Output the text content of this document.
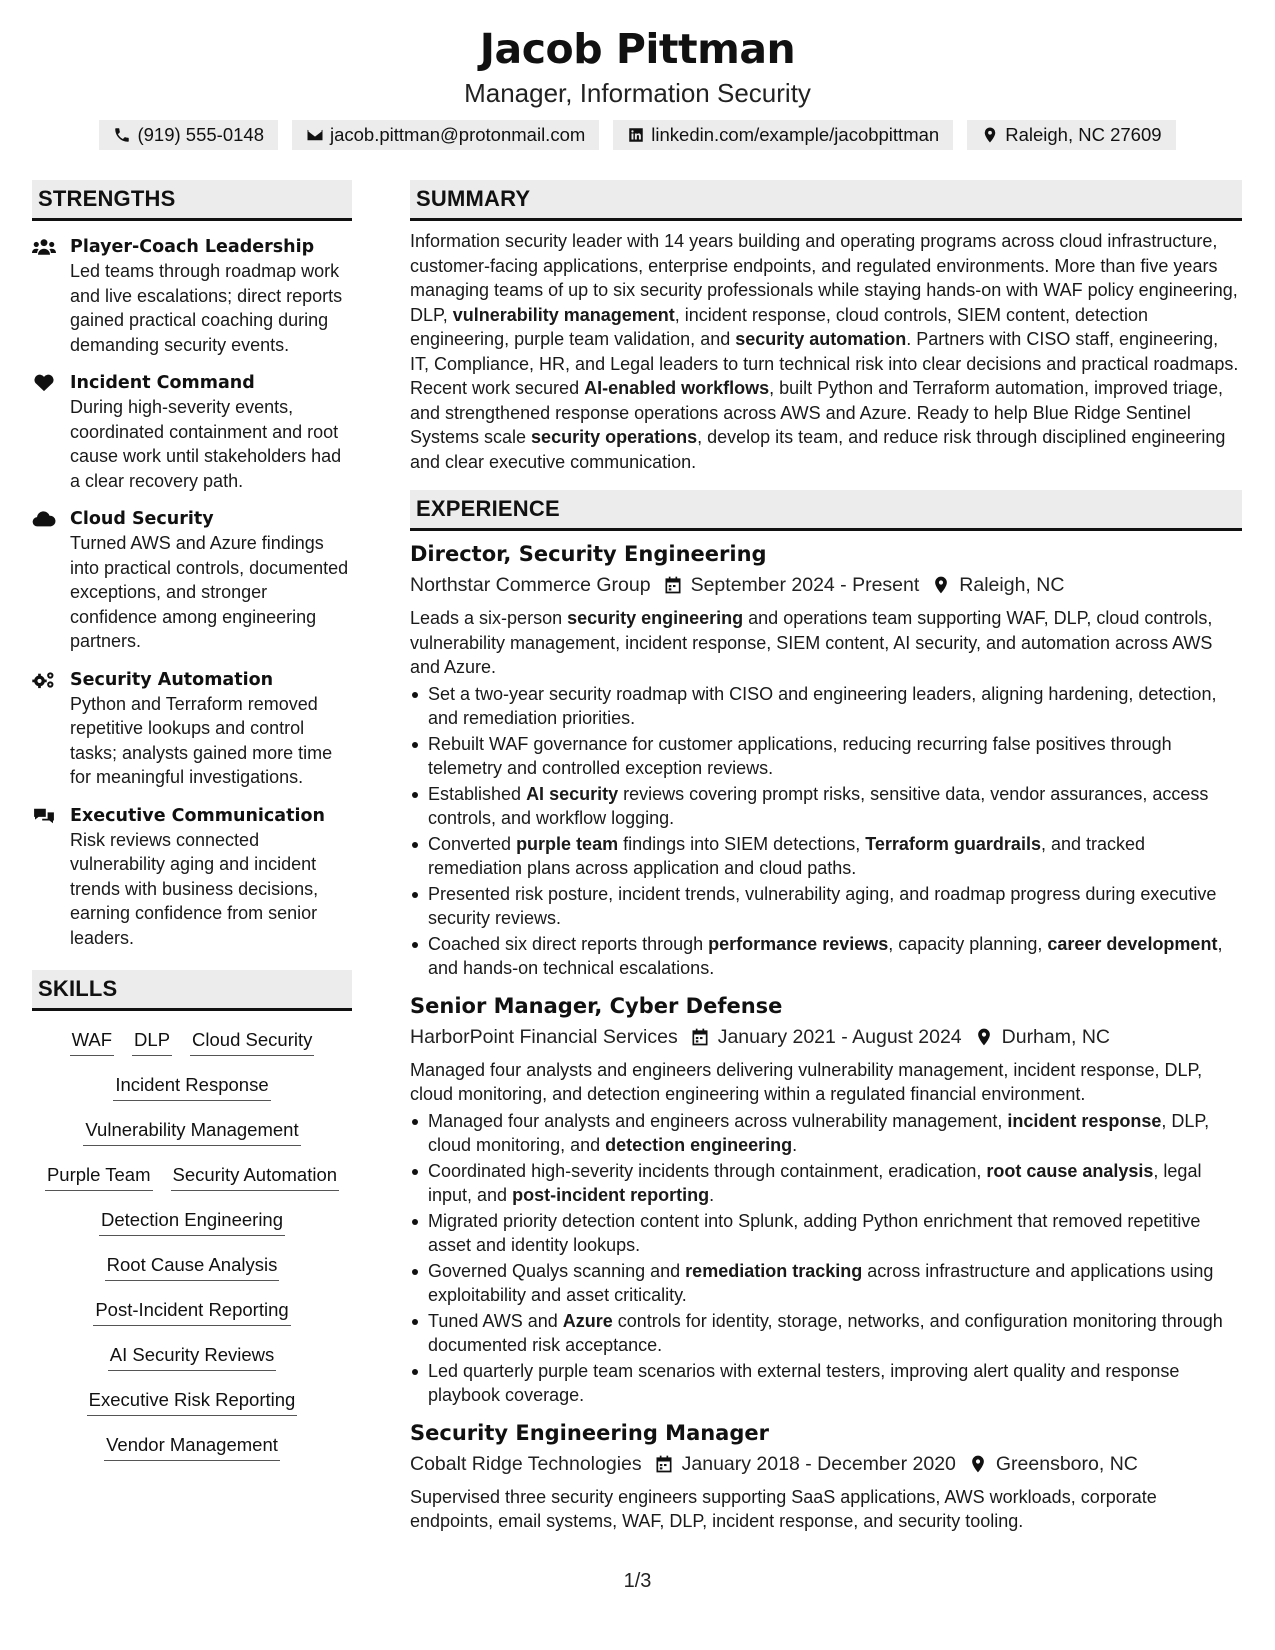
Jacob Pittman
Manager, Information Security
(919) 555-0148	jacob.pittman@protonmail.com	linkedin.com/example/jacobpittman	Raleigh, NC 27609
STRENGTHS
Player-Coach Leadership
Led teams through roadmap work and live escalations; direct reports gained practical coaching during demanding security events.
Incident Command
During high-severity events, coordinated containment and root cause work until stakeholders had a clear recovery path.
Cloud Security
Turned AWS and Azure findings into practical controls, documented exceptions, and stronger confidence among engineering partners.
Security Automation
Python and Terraform removed repetitive lookups and control tasks; analysts gained more time for meaningful investigations.
Executive Communication
Risk reviews connected vulnerability aging and incident trends with business decisions, earning confidence from senior leaders.
SKILLS
WAF DLP Cloud Security
Incident Response
Vulnerability Management
Purple Team Security Automation
Detection Engineering
Root Cause Analysis
Post-Incident Reporting
AI Security Reviews
Executive Risk Reporting
Vendor Management
SUMMARY

Information security leader with 14 years building and operating programs across cloud infrastructure, customer-facing applications, enterprise endpoints, and regulated environments. More than five years managing teams of up to six security professionals while staying hands-on with WAF policy engineering, DLP, vulnerability management, incident response, cloud controls, SIEM content, detection engineering, purple team validation, and security automation. Partners with CISO staff, engineering, IT, Compliance, HR, and Legal leaders to turn technical risk into clear decisions and practical roadmaps. Recent work secured AI-enabled workflows, built Python and Terraform automation, improved triage, and strengthened response operations across AWS and Azure. Ready to help Blue Ridge Sentinel Systems scale security operations, develop its team, and reduce risk through disciplined engineering and clear executive communication.

EXPERIENCE
Director, Security Engineering
Northstar Commerce Group September 2024 - Present Raleigh, NC

Leads a six-person security engineering and operations team supporting WAF, DLP, cloud controls, vulnerability management, incident response, SIEM content, AI security, and automation across AWS and Azure.

Set a two-year security roadmap with CISO and engineering leaders, aligning hardening, detection, and remediation priorities.
Rebuilt WAF governance for customer applications, reducing recurring false positives through telemetry and controlled exception reviews.
Established AI security reviews covering prompt risks, sensitive data, vendor assurances, access controls, and workflow logging.
Converted purple team findings into SIEM detections, Terraform guardrails, and tracked remediation plans across application and cloud paths.
Presented risk posture, incident trends, vulnerability aging, and roadmap progress during executive security reviews.
Coached six direct reports through performance reviews, capacity planning, career development, and hands-on technical escalations.
Senior Manager, Cyber Defense
HarborPoint Financial Services January 2021 - August 2024 Durham, NC

Managed four analysts and engineers delivering vulnerability management, incident response, DLP, cloud monitoring, and detection engineering within a regulated financial environment.

Managed four analysts and engineers across vulnerability management, incident response, DLP, cloud monitoring, and detection engineering.
Coordinated high-severity incidents through containment, eradication, root cause analysis, legal input, and post-incident reporting.
Migrated priority detection content into Splunk, adding Python enrichment that removed repetitive asset and identity lookups.
Governed Qualys scanning and remediation tracking across infrastructure and applications using exploitability and asset criticality.
Tuned AWS and Azure controls for identity, storage, networks, and configuration monitoring through documented risk acceptance.
Led quarterly purple team scenarios with external testers, improving alert quality and response playbook coverage.
Security Engineering Manager
Cobalt Ridge Technologies January 2018 - December 2020 Greensboro, NC

Supervised three security engineers supporting SaaS applications, AWS workloads, corporate endpoints, email systems, WAF, DLP, incident response, and security tooling.

1/3
